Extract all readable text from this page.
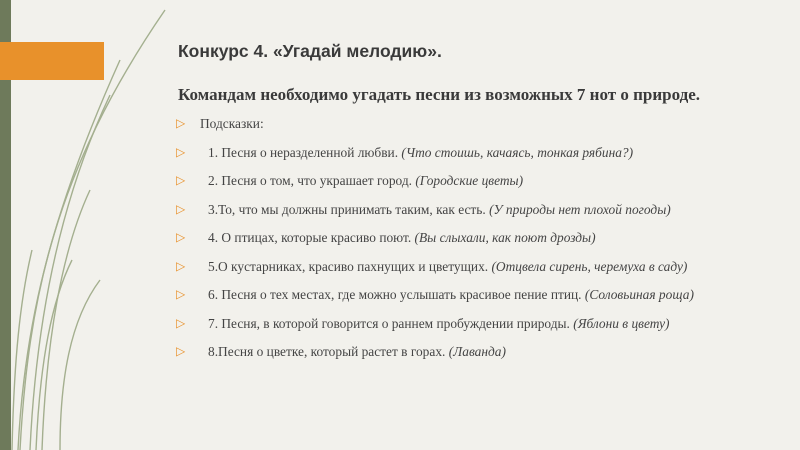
Конкурс 4. «Угадай мелодию».
Командам необходимо угадать песни из возможных 7 нот о природе.
▷ Подсказки:
▷ 1. Песня о неразделенной любви. (Что стоишь, качаясь, тонкая рябина?)
▷ 2. Песня о том, что украшает город. (Городские цветы)
▷ 3.То, что мы должны принимать таким, как есть. (У природы нет плохой погоды)
▷ 4. О птицах, которые красиво поют. (Вы слыхали, как поют дрозды)
▷ 5.О кустарниках, красиво пахнущих и цветущих. (Отцвела сирень, черемуха в саду)
▷ 6. Песня о тех местах, где можно услышать красивое пение птиц. (Соловьиная роща)
▷ 7. Песня, в которой говорится о раннем пробуждении природы. (Яблони в цвету)
▷ 8.Песня о цветке, который растет в горах. (Лаванда)
